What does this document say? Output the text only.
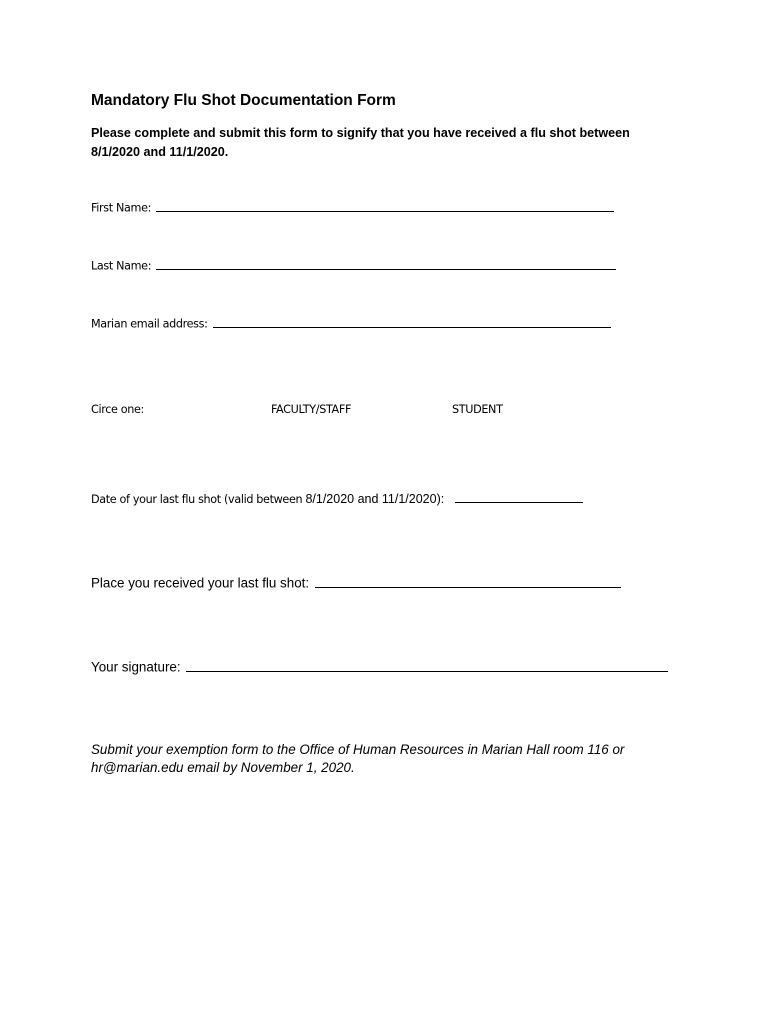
Mandatory Flu Shot Documentation Form
Please complete and submit this form to signify that you have received a flu shot between 8/1/2020 and 11/1/2020.
First Name:
Last Name:
Marian email address:
Circe one:	FACULTY/STAFF	STUDENT
Date of your last flu shot (valid between 8/1/2020 and 11/1/2020):
Place you received your last flu shot:
Your signature:
Submit your exemption form to the Office of Human Resources in Marian Hall room 116 or hr@marian.edu email by November 1, 2020.
